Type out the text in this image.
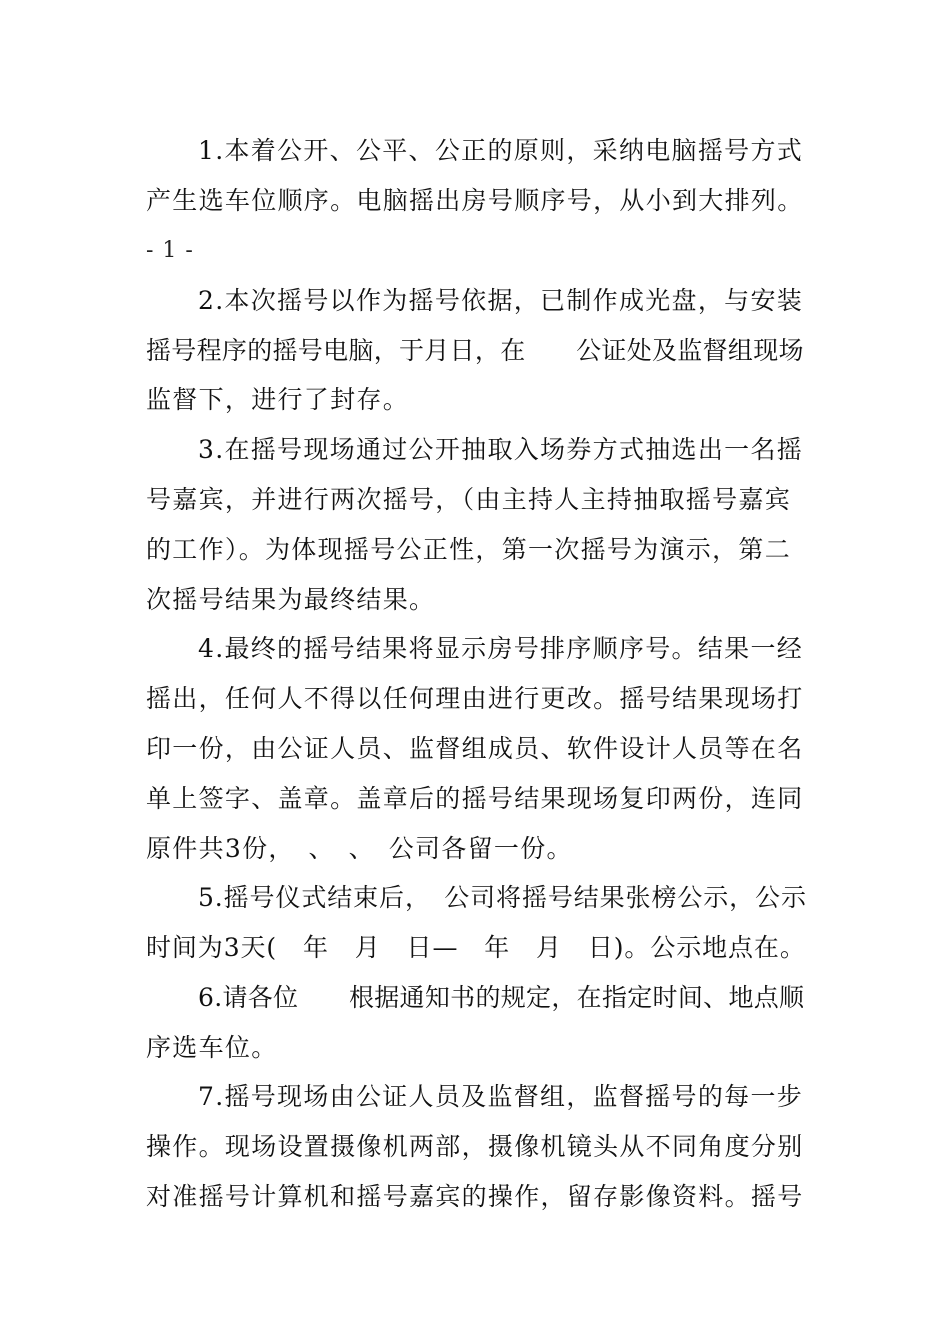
1.本着公开、公平、公正的原则，采纳电脑摇号方式

产生选车位顺序。电脑摇出房号顺序号，从小到大排列。

- 1 -

2.本次摇号以作为摇号依据，已制作成光盘，与安装

摇号程序的摇号电脑，于月日，在　　公证处及监督组现场

监督下，进行了封存。

3.在摇号现场通过公开抽取入场券方式抽选出一名摇

号嘉宾，并进行两次摇号，（由主持人主持抽取摇号嘉宾

的工作）。为体现摇号公正性，第一次摇号为演示，第二

次摇号结果为最终结果。

4.最终的摇号结果将显示房号排序顺序号。结果一经

摇出，任何人不得以任何理由进行更改。摇号结果现场打

印一份，由公证人员、监督组成员、软件设计人员等在名

单上签字、盖章。盖章后的摇号结果现场复印两份，连同

原件共3份，　、　、　公司各留一份。

5.摇号仪式结束后，　公司将摇号结果张榜公示，公示

时间为3天(　年　月　日—　年　月　日)。公示地点在。

6.请各位　　根据通知书的规定，在指定时间、地点顺

序选车位。

7.摇号现场由公证人员及监督组，监督摇号的每一步

操作。现场设置摄像机两部，摄像机镜头从不同角度分别

对准摇号计算机和摇号嘉宾的操作，留存影像资料。摇号
